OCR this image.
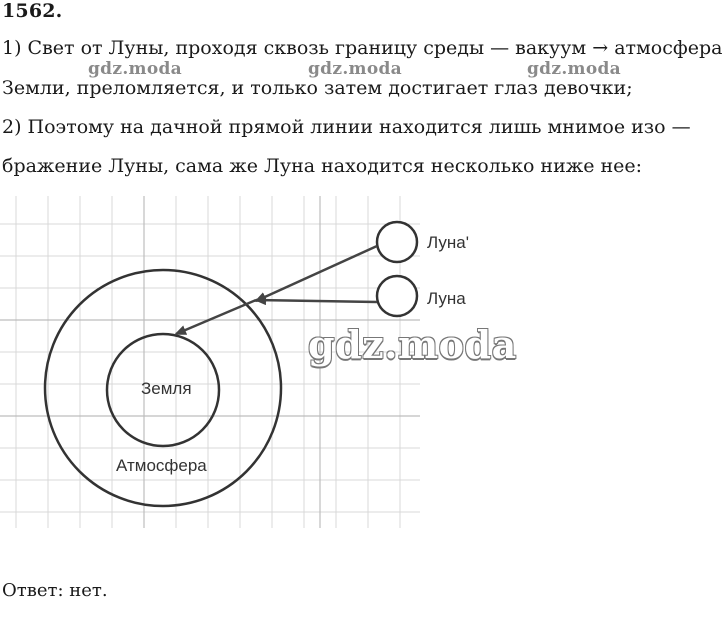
1562.
1) Свет от Луны, проходя сквозь границу среды — вакуум → атмосфера
Земли, преломляется, и только затем достигает глаз девочки;
2) Поэтому на дачной прямой линии находится лишь мнимое изо —
бражение Луны, сама же Луна находится несколько ниже нее:
gdz.moda	gdz.moda	gdz.moda
Луна'
Луна
Земля
Атмосфера
gdz.moda
Ответ: нет.
